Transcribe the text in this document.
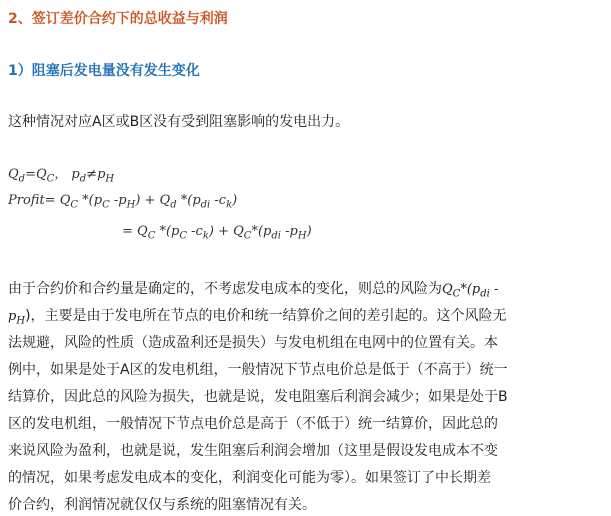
2、签订差价合约下的总收益与利润
1）阻塞后发电量没有发生变化
这种情况对应A区或B区没有受到阻塞影响的发电出力。
$Q_d=Q_C$， $p_d\ne p_H$
Profit= $Q_C$ $*(p_C$ $-p_H) + Q_d$ $*(p_{di}$ $-c_k$)
= $Q_C$ $*(p_C$ $-c_k) + Q_C*(p_{di}$ $-p_H$)
由于合约价和合约量是确定的，不考虑发电成本的变化，则总的风险为$Q_C*(p_{di}$ -
$p_H$)，主要是由于发电所在节点的电价和统一结算价之间的差引起的。这个风险无
法规避，风险的性质（造成盈利还是损失）与发电机组在电网中的位置有关。本
例中，如果是处于A区的发电机组，一般情况下节点电价总是低于（不高于）统一
结算价，因此总的风险为损失，也就是说，发电阻塞后利润会减少；如果是处于B
区的发电机组，一般情况下节点电价总是高于（不低于）统一结算价，因此总的
来说风险为盈利，也就是说，发生阻塞后利润会增加（这里是假设发电成本不变
的情况，如果考虑发电成本的变化，利润变化可能为零）。如果签订了中长期差
价合约，利润情况就仅仅与系统的阻塞情况有关。
